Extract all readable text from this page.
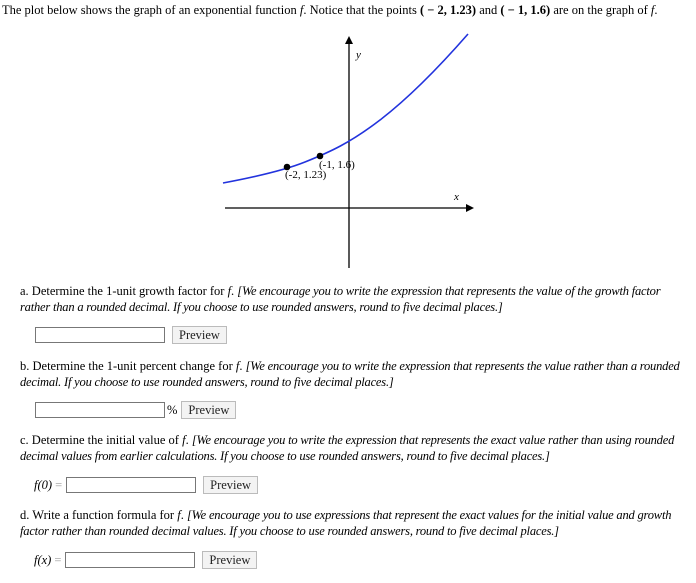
The plot below shows the graph of an exponential function f. Notice that the points ( − 2, 1.23) and ( − 1, 1.6) are on the graph of f.
y
x
(-1, 1.6)
(-2, 1.23)
a. Determine the 1-unit growth factor for f. [We encourage you to write the expression that represents the value of the growth factor rather than a rounded decimal. If you choose to use rounded answers, round to five decimal places.]
Preview
b. Determine the 1-unit percent change for f. [We encourage you to write the expression that represents the value rather than a rounded decimal. If you choose to use rounded answers, round to five decimal places.]
% Preview
c. Determine the initial value of f. [We encourage you to write the expression that represents the exact value rather than using rounded decimal values from earlier calculations. If you choose to use rounded answers, round to five decimal places.]
f(0) =	Preview
d. Write a function formula for f. [We encourage you to use expressions that represent the exact values for the initial value and growth factor rather than rounded decimal values. If you choose to use rounded answers, round to five decimal places.]
f(x) =	Preview
